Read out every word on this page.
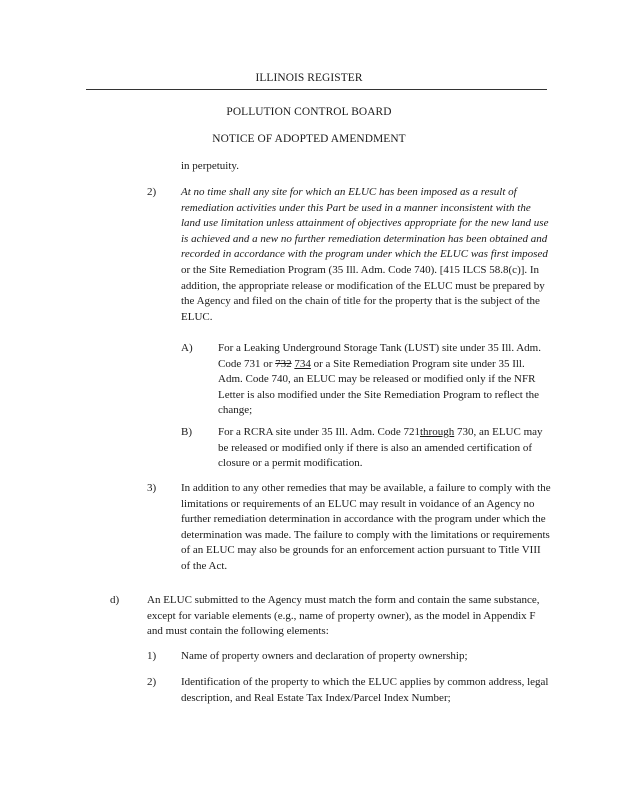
ILLINOIS REGISTER
POLLUTION CONTROL BOARD
NOTICE OF ADOPTED AMENDMENT

in perpetuity.

2) At no time shall any site for which an ELUC has been imposed as a result of remediation activities under this Part be used in a manner inconsistent with the land use limitation unless attainment of objectives appropriate for the new land use is achieved and a new no further remediation determination has been obtained and recorded in accordance with the program under which the ELUC was first imposed or the Site Remediation Program (35 Ill. Adm. Code 740). [415 ILCS 58.8(c)]. In addition, the appropriate release or modification of the ELUC must be prepared by the Agency and filed on the chain of title for the property that is the subject of the ELUC.

A) For a Leaking Underground Storage Tank (LUST) site under 35 Ill. Adm. Code 731 or 732 734 or a Site Remediation Program site under 35 Ill. Adm. Code 740, an ELUC may be released or modified only if the NFR Letter is also modified under the Site Remediation Program to reflect the change;

B) For a RCRA site under 35 Ill. Adm. Code 721through 730, an ELUC may be released or modified only if there is also an amended certification of closure or a permit modification.

3) In addition to any other remedies that may be available, a failure to comply with the limitations or requirements of an ELUC may result in voidance of an Agency no further remediation determination in accordance with the program under which the determination was made. The failure to comply with the limitations or requirements of an ELUC may also be grounds for an enforcement action pursuant to Title VIII of the Act.

d)	An ELUC submitted to the Agency must match the form and contain the same substance, except for variable elements (e.g., name of property owner), as the model in Appendix F and must contain the following elements:

1) Name of property owners and declaration of property ownership;

2) Identification of the property to which the ELUC applies by common address, legal description, and Real Estate Tax Index/Parcel Index Number;
